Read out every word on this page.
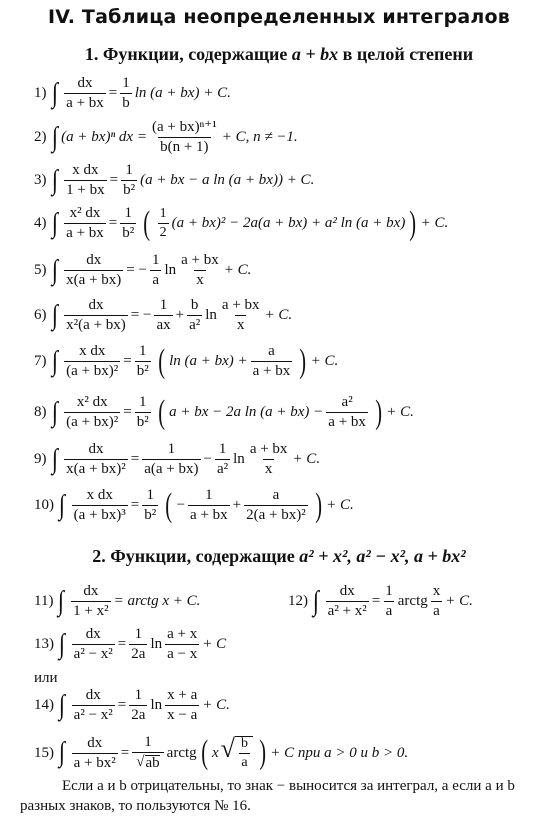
IV. Таблица неопределенных интегралов
1. Функции, содержащие a + bx в целой степени
1) ∫ $\frac{dx}{a + bx} = \frac{1}{b}$ ln (a + bx) + C.
2) ∫ (a + bx)ⁿ dx = $\frac{\text{(a + bx)ⁿ⁺¹}}{b(n + 1)} + C$, n ≠ −1.
3) ∫ $\frac{\text{x dx}}{1 + bx} = \frac{1}{\text{b²}} (a$ + bx − a ln (a + bx)) + C.
4) ∫ $\frac{\text{x² dx}}{a + bx} = \frac{1}{\text{b²}}$ ( $\frac{1}{2} (a + bx)^2 - 2a(a + bx) + a^2$ ln (a + bx) ) + C.
5) ∫ $\frac{dx}{x(a + bx)}$ = − $\frac{1}{a}$ $\ln \frac{a + bx}{x} + C$.
6) ∫ $\frac{dx}{\text{x²(a + bx)}}$ = − $\frac{1}{ax} + \frac{b}{\text{a²}}$ $\ln \frac{a + bx}{x} + C$.
7) ∫ $\frac{\text{x dx}}{\text{(a + bx)²}} = \frac{1}{\text{b²}}$ ( $\ln (a + bx) + \frac{a}{a + bx}$ ) + C.
8) ∫ $\frac{\text{x² dx}}{\text{(a + bx)²}} = \frac{1}{\text{b²}}$ ( a + bx − 2a $\ln (a + bx) - \frac{\text{a²}}{a + bx}$ ) + C.
9) ∫ $\frac{dx}{\text{x(a + bx)²}} = \frac{1}{a(a + bx)} - \frac{1}{\text{a²}}$ $\ln \frac{a + bx}{x} + C$.
10) ∫ $\frac{\text{x dx}}{\text{(a + bx)³}} = \frac{1}{\text{b²}}$ ( − $\frac{1}{a + bx} + \frac{a}{\text{2(a + bx)²}}$ ) + C.
2. Функции, содержащие a² + x², a² − x², a + bx²
11) ∫ $\frac{dx}{\text{1 + x²}}$ = arctg x + C.	12) ∫ $\frac{dx}{\text{a² + x²}} = \frac{1}{a}$ arctg $\frac{x}{a} + C$.
13) ∫ $\frac{dx}{\text{a² − x²}} = \frac{1}{2a}$ $\ln \frac{a + x}{a - x} + C$
или
14) ∫ $\frac{dx}{\text{a² − x²}} = \frac{1}{2a}$ $\ln \frac{x + a}{x - a} + C$.
15) ∫ $\frac{dx}{\text{a + bx²}} = \frac{1}{√ ab}$ arctg ( x √ $\frac{b}{a}$ ) + C при a > 0 и b > 0.
Если a и b отрицательны, то знак − выносится за интеграл, а если a и b разных знаков, то пользуются № 16.
